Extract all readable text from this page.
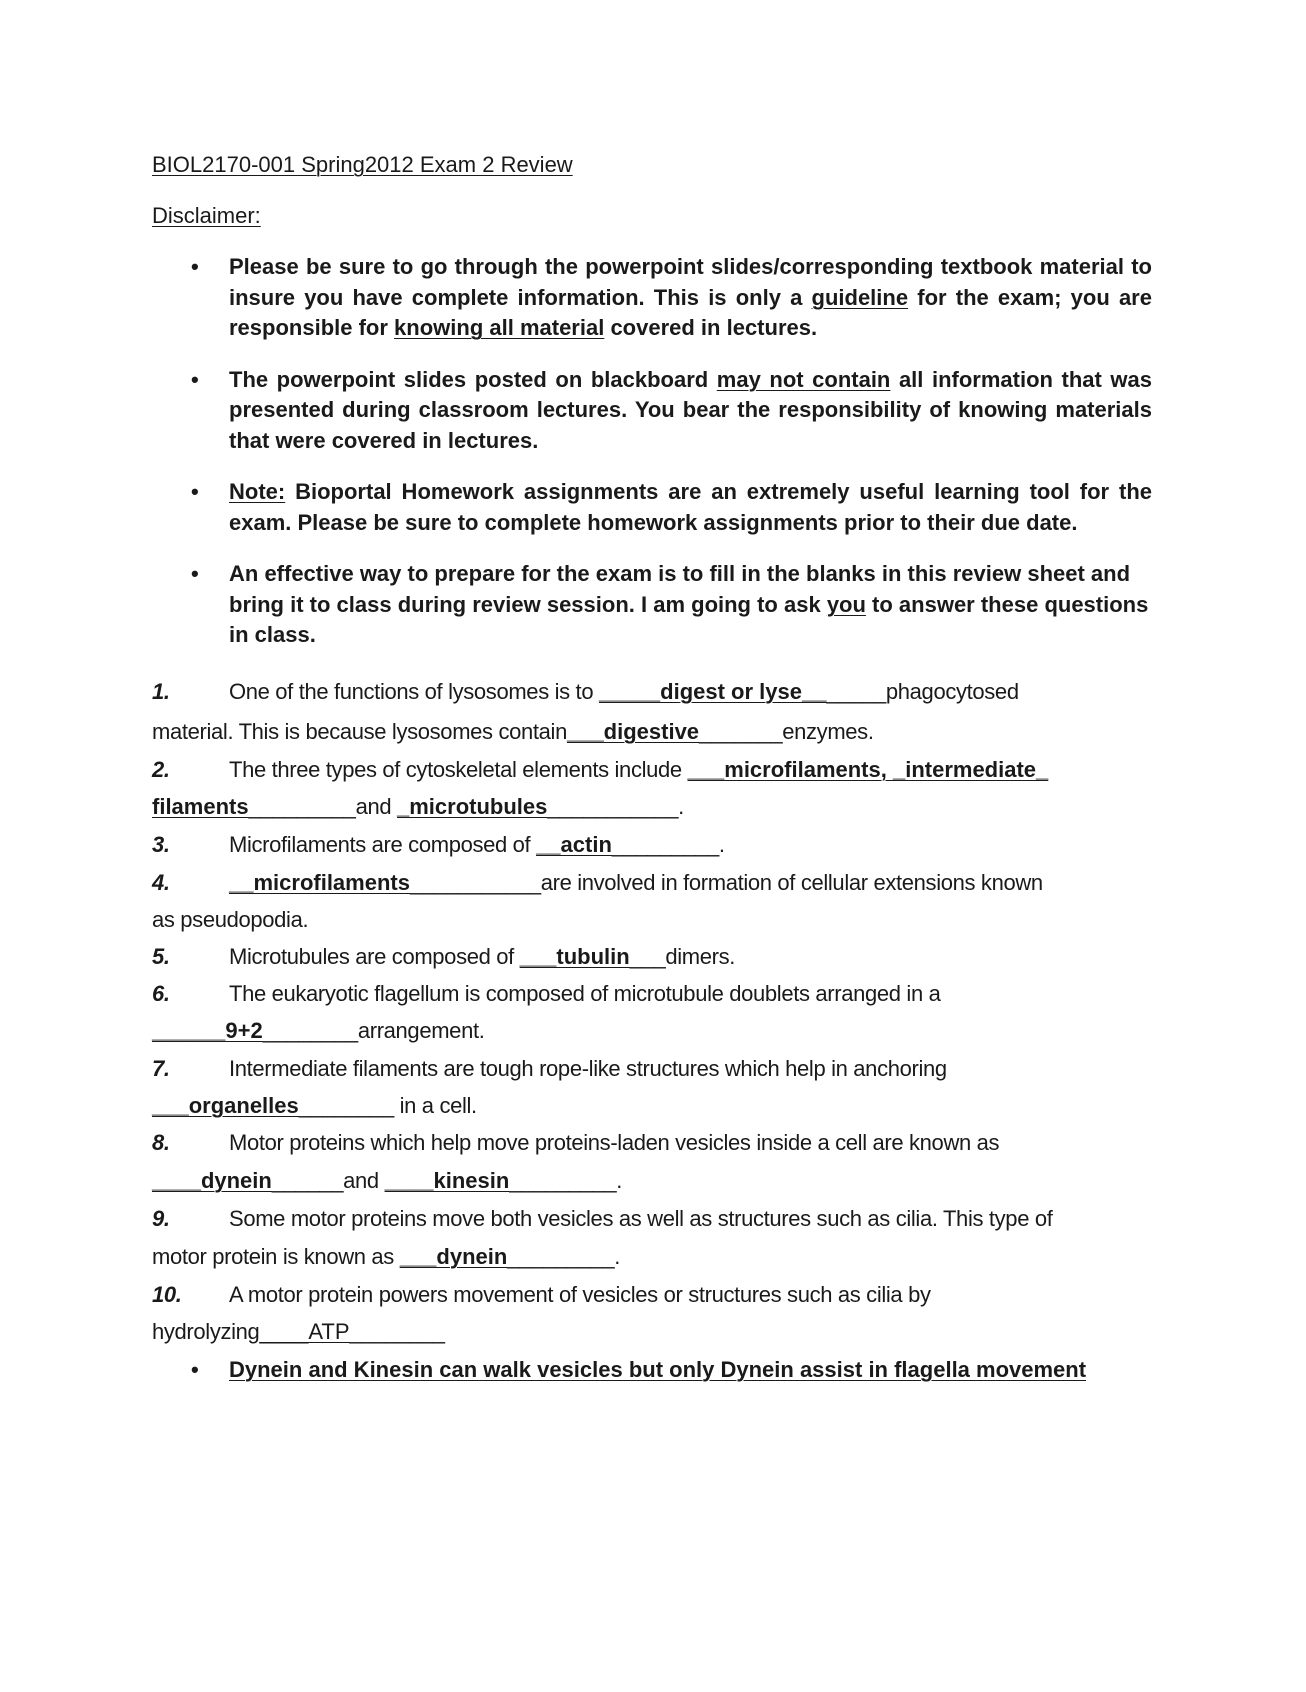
BIOL2170-001 Spring2012 Exam 2 Review

Disclaimer:

• Please be sure to go through the powerpoint slides/corresponding textbook material to insure you have complete information. This is only a guideline for the exam; you are responsible for knowing all material covered in lectures.
• The powerpoint slides posted on blackboard may not contain all information that was presented during classroom lectures. You bear the responsibility of knowing materials that were covered in lectures.
• Note: Bioportal Homework assignments are an extremely useful learning tool for the exam. Please be sure to complete homework assignments prior to their due date.
• An effective way to prepare for the exam is to fill in the blanks in this review sheet and bring it to class during review session. I am going to ask you to answer these questions in class.

1.	One of the functions of lysosomes is to _____digest or lyse_______phagocytosed

material. This is because lysosomes contain___digestive_______enzymes.

2.	The three types of cytoskeletal elements include ___microfilaments, _intermediate_

filaments_________and _microtubules___________.

3.	Microfilaments are composed of __actin_________.

4.	__microfilaments___________are involved in formation of cellular extensions known

as pseudopodia.

5.	Microtubules are composed of ___tubulin___dimers.

6.	The eukaryotic flagellum is composed of microtubule doublets arranged in a

______9+2________arrangement.

7.	Intermediate filaments are tough rope-like structures which help in anchoring

___organelles________ in a cell.

8.	Motor proteins which help move proteins-laden vesicles inside a cell are known as

____dynein______and ____kinesin_________.

9.	Some motor proteins move both vesicles as well as structures such as cilia. This type of

motor protein is known as ___dynein_________.

10. A motor protein powers movement of vesicles or structures such as cilia by

hydrolyzing____ATP________

• Dynein and Kinesin can walk vesicles but only Dynein assist in flagella movement
